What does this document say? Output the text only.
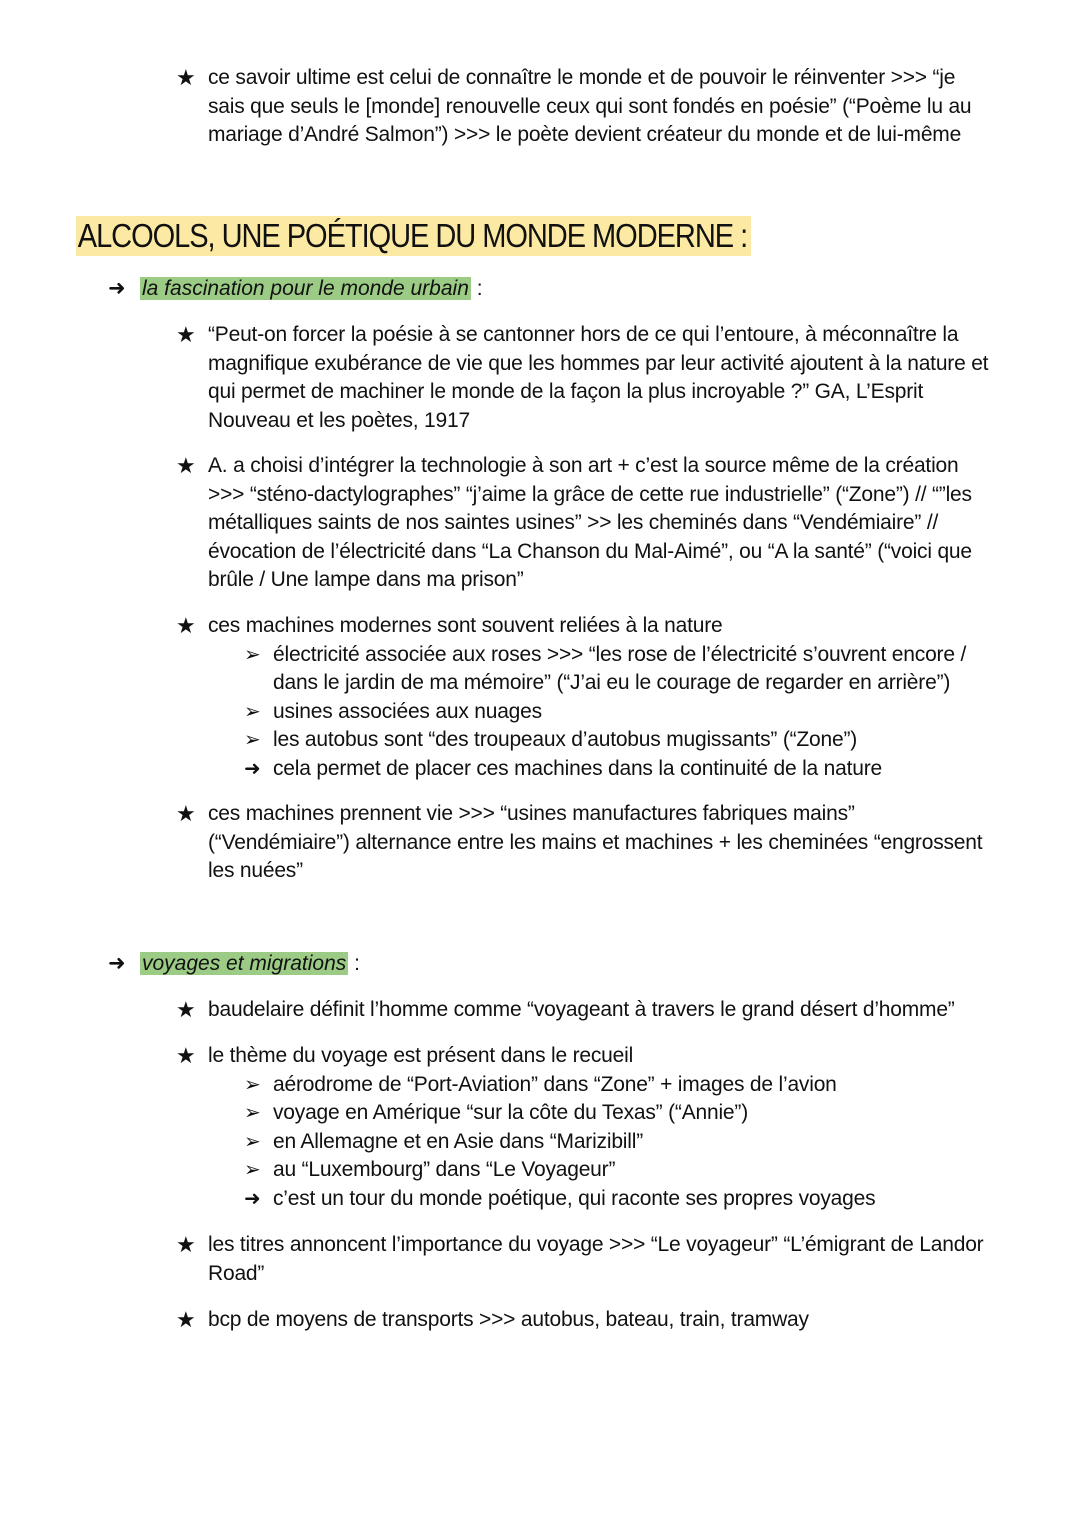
★ ce savoir ultime est celui de connaître le monde et de pouvoir le réinventer >>> “je
sais que seuls le [monde] renouvelle ceux qui sont fondés en poésie” (“Poème lu au
mariage d’André Salmon”) >>> le poète devient créateur du monde et de lui-même
ALCOOLS, UNE POÉTIQUE DU MONDE MODERNE :
➜ la fascination pour le monde urbain :
★ “Peut-on forcer la poésie à se cantonner hors de ce qui l’entoure, à méconnaître la
magnifique exubérance de vie que les hommes par leur activité ajoutent à la nature et
qui permet de machiner le monde de la façon la plus incroyable ?” GA, L’Esprit
Nouveau et les poètes, 1917
★ A. a choisi d’intégrer la technologie à son art + c’est la source même de la création
>>> “sténo-dactylographes” “j’aime la grâce de cette rue industrielle” (“Zone”) // “”les
métalliques saints de nos saintes usines” >> les cheminés dans “Vendémiaire” //
évocation de l’électricité dans “La Chanson du Mal-Aimé”, ou “A la santé” (“voici que
brûle / Une lampe dans ma prison”
★ ces machines modernes sont souvent reliées à la nature
➢ électricité associée aux roses >>> “les rose de l’électricité s’ouvrent encore /
dans le jardin de ma mémoire” (“J’ai eu le courage de regarder en arrière”)
➢ usines associées aux nuages
➢ les autobus sont “des troupeaux d’autobus mugissants” (“Zone”)
➜ cela permet de placer ces machines dans la continuité de la nature
★ ces machines prennent vie >>> “usines manufactures fabriques mains”
(“Vendémiaire”) alternance entre les mains et machines + les cheminées “engrossent
les nuées”
➜ voyages et migrations :
★ baudelaire définit l’homme comme “voyageant à travers le grand désert d’homme”
★ le thème du voyage est présent dans le recueil
➢ aérodrome de “Port-Aviation” dans “Zone” + images de l’avion
➢ voyage en Amérique “sur la côte du Texas” (“Annie”)
➢ en Allemagne et en Asie dans “Marizibill”
➢ au “Luxembourg” dans “Le Voyageur”
➜ c’est un tour du monde poétique, qui raconte ses propres voyages
★ les titres annoncent l’importance du voyage >>> “Le voyageur” “L’émigrant de Landor
Road”
★ bcp de moyens de transports >>> autobus, bateau, train, tramway
